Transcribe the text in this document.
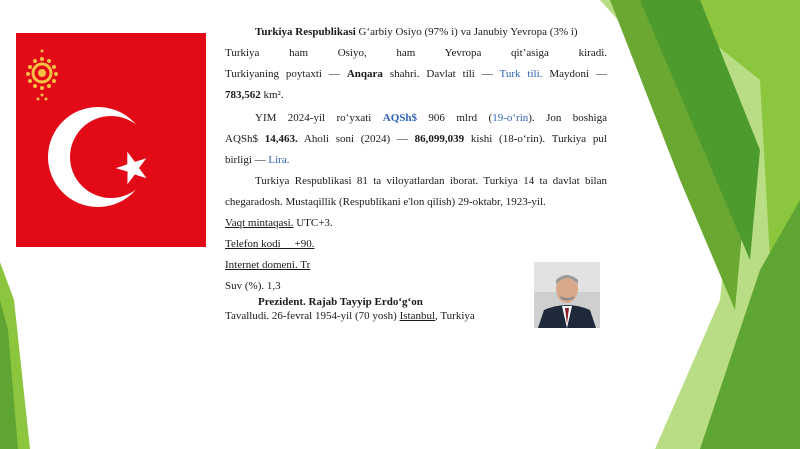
Turkiya Respublikasi G‘arbiy Osiyo (97% i) va Janubiy Yevropa (3% i)

Turkiya	ham Osiyo,	ham Yevropa qit’asiga	kiradi.

Turkiyaning poytaxti — Anqara shahri. Davlat tili — Turk tili. Maydoni —

783,562 km².

YIM 2024-yil ro‘yxati AQSh$ 906 mlrd (19-o‘rin). Jon boshiga

AQSh$ 14,463. Aholi soni (2024) — 86,099,039 kishi (18-o‘rin). Turkiya pul

birligi — Lira.

Turkiya Respublikasi 81 ta viloyatlardan iborat. Turkiya 14 ta davlat bilan

chegaradosh. Mustaqillik (Respublikani e'lon qilish) 29-oktabr, 1923-yil.

Vaqt mintaqasi. UTC+3.

Telefon kodi     +90.

Internet domeni. Tr

Suv (%). 1,3

Prezident. Rajab Tayyip Erdo‘g‘on
Tavalludi. 26-fevral 1954-yil (70 yosh) Istanbul, Turkiya
